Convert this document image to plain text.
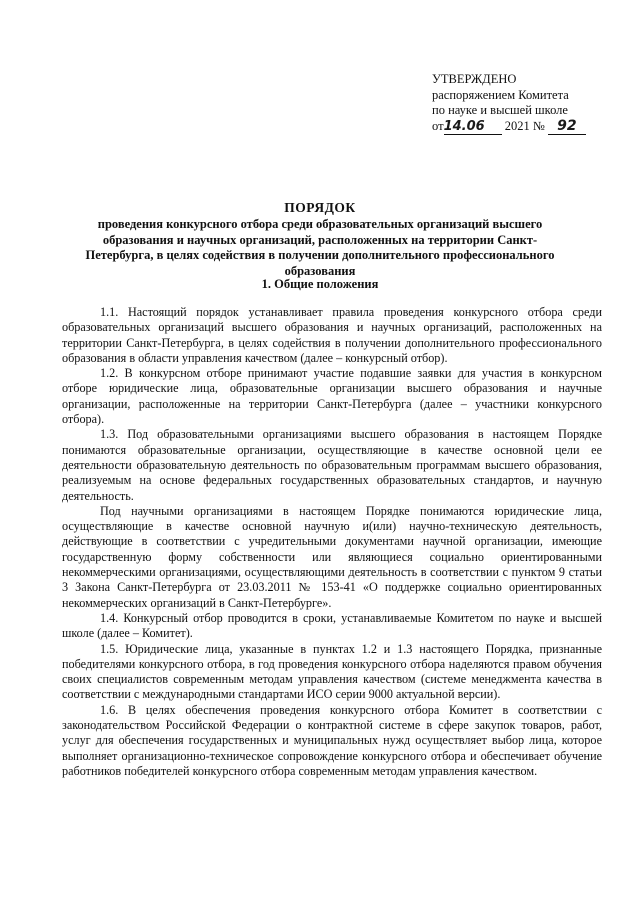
УТВЕРЖДЕНО
распоряжением Комитета
по науке и высшей школе
от14.06 2021 № 92
ПОРЯДОК
проведения конкурсного отбора среди образовательных организаций высшего образования и научных организаций, расположенных на территории Санкт-Петербурга, в целях содействия в получении дополнительного профессионального образования
1. Общие положения

1.1. Настоящий порядок устанавливает правила проведения конкурсного отбора среди образовательных организаций высшего образования и научных организаций, расположенных на территории Санкт-Петербурга, в целях содействия в получении дополнительного профессионального образования в области управления качеством (далее – конкурсный отбор).

1.2. В конкурсном отборе принимают участие подавшие заявки для участия в конкурсном отборе юридические лица, образовательные организации высшего образования и научные организации, расположенные на территории Санкт-Петербурга (далее – участники конкурсного отбора).

1.3. Под образовательными организациями высшего образования в настоящем Порядке понимаются образовательные организации, осуществляющие в качестве основной цели ее деятельности образовательную деятельность по образовательным программам высшего образования, реализуемым на основе федеральных государственных образовательных стандартов, и научную деятельность.

Под научными организациями в настоящем Порядке понимаются юридические лица, осуществляющие в качестве основной научную и(или) научно-техническую деятельность, действующие в соответствии с учредительными документами научной организации, имеющие государственную форму собственности или являющиеся социально ориентированными некоммерческими организациями, осуществляющими деятельность в соответствии с пунктом 9 статьи 3 Закона Санкт-Петербурга от 23.03.2011 № 153-41 «О поддержке социально ориентированных некоммерческих организаций в Санкт-Петербурге».

1.4. Конкурсный отбор проводится в сроки, устанавливаемые Комитетом по науке и высшей школе (далее – Комитет).

1.5. Юридические лица, указанные в пунктах 1.2 и 1.3 настоящего Порядка, признанные победителями конкурсного отбора, в год проведения конкурсного отбора наделяются правом обучения своих специалистов современным методам управления качеством (системе менеджмента качества в соответствии с международными стандартами ИСО серии 9000 актуальной версии).

1.6. В целях обеспечения проведения конкурсного отбора Комитет в соответствии с законодательством Российской Федерации о контрактной системе в сфере закупок товаров, работ, услуг для обеспечения государственных и муниципальных нужд осуществляет выбор лица, которое выполняет организационно-техническое сопровождение конкурсного отбора и обеспечивает обучение работников победителей конкурсного отбора современным методам управления качеством.
